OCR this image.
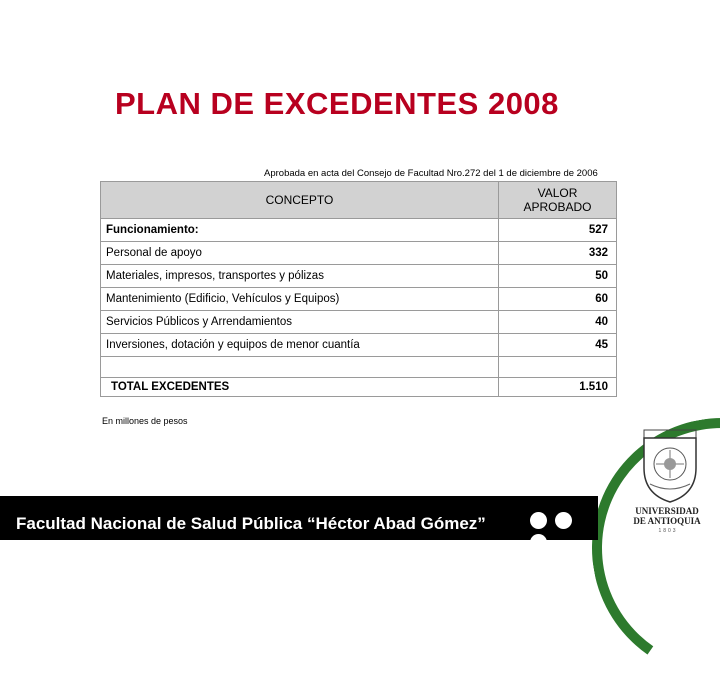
PLAN DE EXCEDENTES 2008
Aprobada en acta del Consejo de Facultad Nro.272 del 1 de diciembre de 2006
CONCEPTO	VALOR
APROBADO
Funcionamiento:	527
Personal de apoyo	332
Materiales, impresos, transportes y pólizas	50
Mantenimiento (Edificio, Vehículos y Equipos)	60
Servicios Públicos y Arrendamientos	40
Inversiones, dotación y equipos de menor cuantía	45

TOTAL EXCEDENTES	1.510
En millones de pesos
UNIVERSIDAD
DE ANTIOQUIA
1803
Facultad Nacional de Salud Pública “Héctor Abad Gómez”
